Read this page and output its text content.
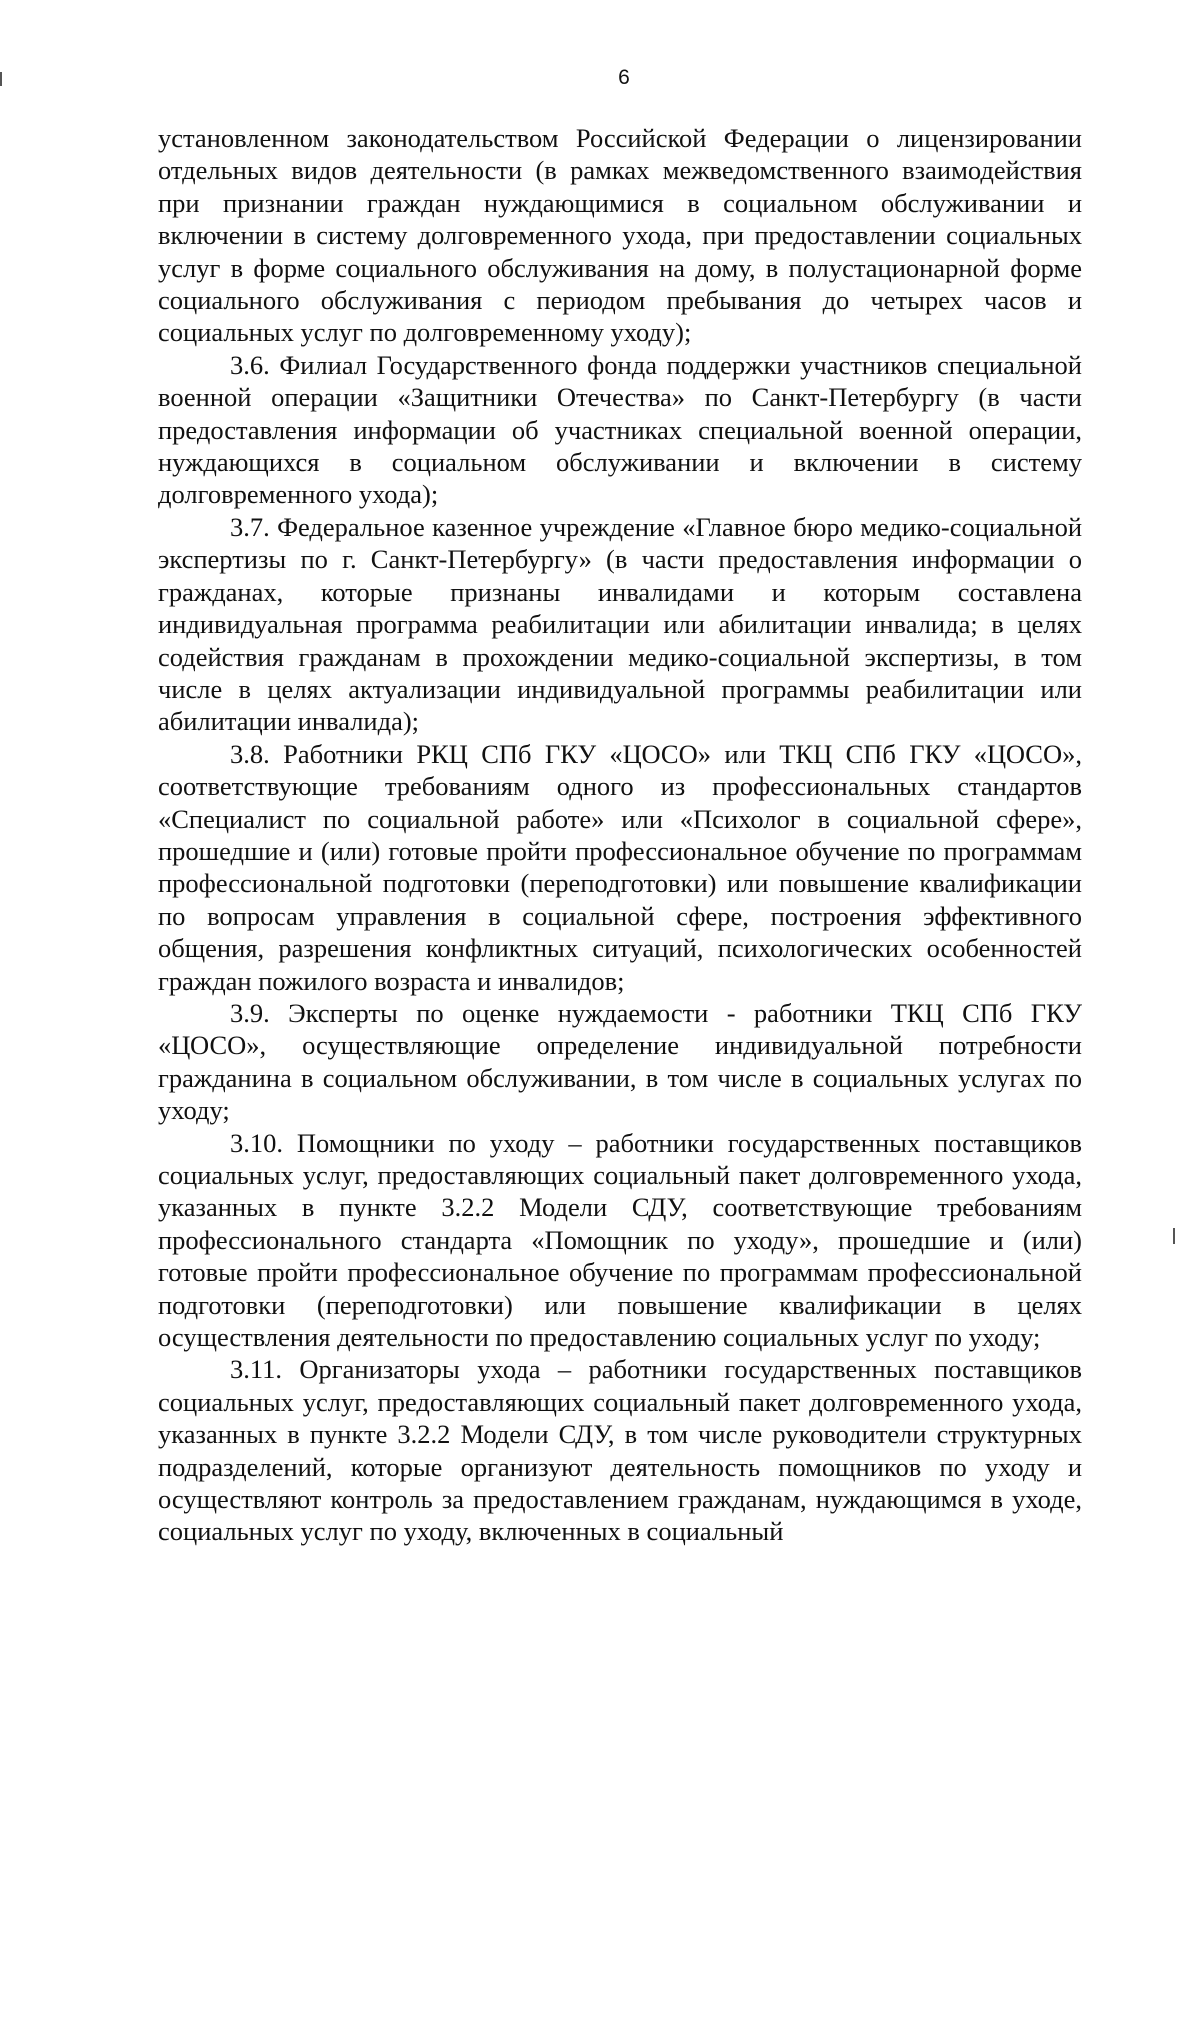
6

установленном законодательством Российской Федерации о лицензировании отдельных видов деятельности (в рамках межведомственного взаимодействия при признании граждан нуждающимися в социальном обслуживании и включении в систему долговременного ухода, при предоставлении социальных услуг в форме социального обслуживания на дому, в полустационарной форме социального обслуживания с периодом пребывания до четырех часов и социальных услуг по долговременному уходу);

3.6. Филиал Государственного фонда поддержки участников специальной военной операции «Защитники Отечества» по Санкт-Петербургу (в части предоставления информации об участниках специальной военной операции, нуждающихся в социальном обслуживании и включении в систему долговременного ухода);

3.7. Федеральное казенное учреждение «Главное бюро медико-социальной экспертизы по г. Санкт-Петербургу» (в части предоставления информации о гражданах, которые признаны инвалидами и которым составлена индивидуальная программа реабилитации или абилитации инвалида; в целях содействия гражданам в прохождении медико-социальной экспертизы, в том числе в целях актуализации индивидуальной программы реабилитации или абилитации инвалида);

3.8. Работники РКЦ СПб ГКУ «ЦОСО» или ТКЦ СПб ГКУ «ЦОСО», соответствующие требованиям одного из профессиональных стандартов «Специалист по социальной работе» или «Психолог в социальной сфере», прошедшие и (или) готовые пройти профессиональное обучение по программам профессиональной подготовки (переподготовки) или повышение квалификации по вопросам управления в социальной сфере, построения эффективного общения, разрешения конфликтных ситуаций, психологических особенностей граждан пожилого возраста и инвалидов;

3.9. Эксперты по оценке нуждаемости - работники ТКЦ СПб ГКУ «ЦОСО», осуществляющие определение индивидуальной потребности гражданина в социальном обслуживании, в том числе в социальных услугах по уходу;

3.10. Помощники по уходу – работники государственных поставщиков социальных услуг, предоставляющих социальный пакет долговременного ухода, указанных в пункте 3.2.2 Модели СДУ, соответствующие требованиям профессионального стандарта «Помощник по уходу», прошедшие и (или) готовые пройти профессиональное обучение по программам профессиональной подготовки (переподготовки) или повышение квалификации в целях осуществления деятельности по предоставлению социальных услуг по уходу;

3.11. Организаторы ухода – работники государственных поставщиков социальных услуг, предоставляющих социальный пакет долговременного ухода, указанных в пункте 3.2.2 Модели СДУ, в том числе руководители структурных подразделений, которые организуют деятельность помощников по уходу и осуществляют контроль за предоставлением гражданам, нуждающимся в уходе, социальных услуг по уходу, включенных в социальный
